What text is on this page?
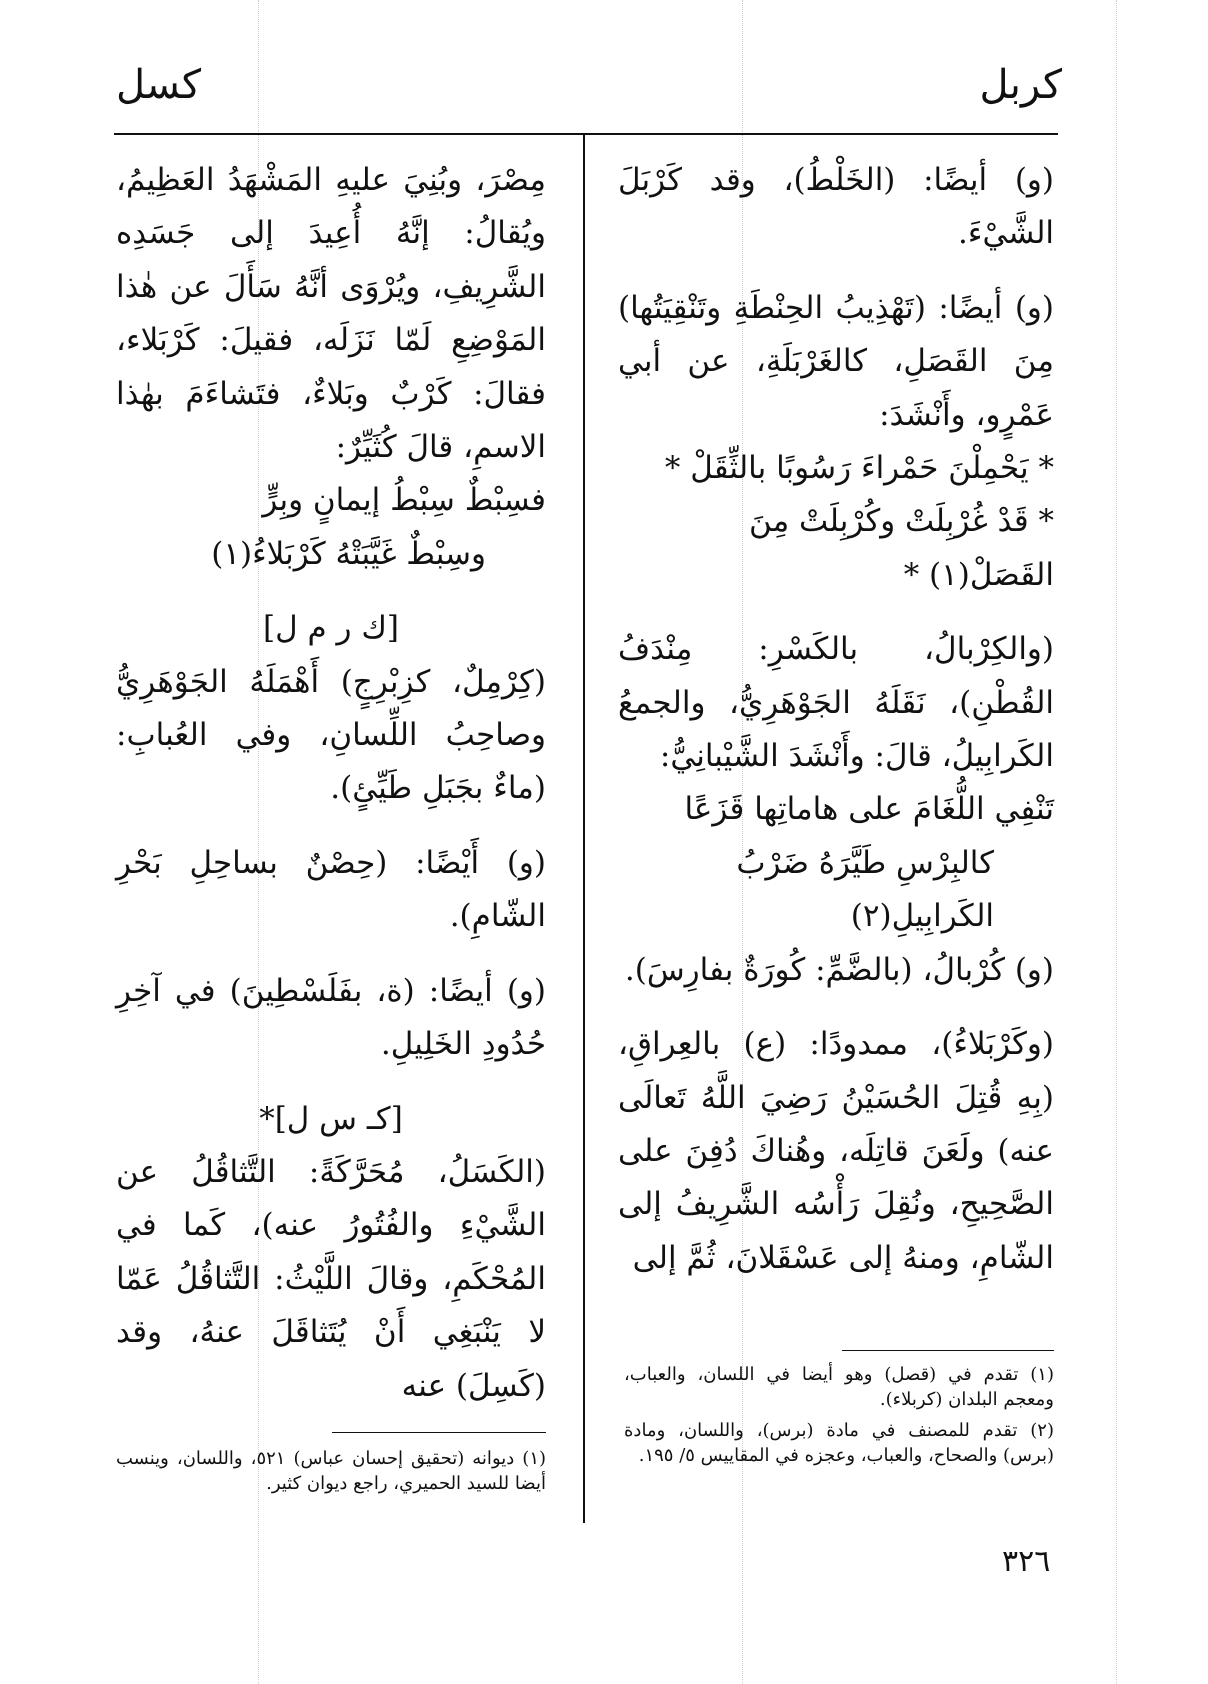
كربل
كسل

(و) أيضًا: (الخَلْطُ)، وقد كَرْبَلَ الشَّيْءَ.

(و) أيضًا: (تَهْذِيبُ الحِنْطَةِ وتَنْقِيَتُها) مِنَ القَصَلِ، كالغَرْبَلَةِ، عن أبي عَمْرٍو، وأَنْشَدَ:

* يَحْمِلْنَ حَمْراءَ رَسُوبًا بالثِّقَلْ *

* قَدْ غُرْبِلَتْ وكُرْبِلَتْ مِنَ القَصَلْ(١) *

(والكِرْبالُ، بالكَسْرِ: مِنْدَفُ القُطْنِ)، نَقَلَهُ الجَوْهَرِيُّ، والجمعُ الكَرابِيلُ، قالَ: وأَنْشَدَ الشَّيْبانِيُّ:

تَنْفِي اللُّغَامَ على هاماتِها قَزَعًا

كالبِرْسِ طَيَّرَهُ ضَرْبُ الكَرابِيلِ(٢)

(و) كُرْبالُ، (بالضَّمِّ: كُورَةٌ بفارِسَ).

(وكَرْبَلاءُ)، ممدودًا: (ع) بالعِراقِ، (بِهِ قُتِلَ الحُسَيْنُ رَضِيَ اللَّهُ تَعالَى عنه) ولَعَنَ قاتِلَه، وهُناكَ دُفِنَ على الصَّحِيحِ، ونُقِلَ رَأْسُه الشَّرِيفُ إلى الشّامِ، ومنهُ إلى عَسْقَلانَ، ثُمَّ إلى

(١) تقدم في (قصل) وهو أيضا في اللسان، والعباب، ومعجم البلدان (كربلاء).

(٢) تقدم للمصنف في مادة (برس)، واللسان، ومادة (برس) والصحاح، والعباب، وعجزه في المقاييس ٥/ ١٩٥.

مِصْرَ، وبُنِيَ عليهِ المَشْهَدُ العَظِيمُ، ويُقالُ: إنَّهُ أُعِيدَ إلى جَسَدِه الشَّرِيفِ، ويُرْوَى أنَّهُ سَأَلَ عن هٰذا المَوْضِعِ لَمّا نَزَلَه، فقيلَ: كَرْبَلاء، فقالَ: كَرْبٌ وبَلاءٌ، فتَشاءَمَ بهٰذا الاسمِ، قالَ كُثَيِّرٌ:

فسِبْطٌ سِبْطُ إيمانٍ وبِرٍّ

وسِبْطٌ غَيَّبَتْهُ كَرْبَلاءُ(١)

[ك ر م ل]

(كِرْمِلٌ، كزِبْرِجٍ) أَهْمَلَهُ الجَوْهَرِيُّ وصاحِبُ اللِّسانِ، وفي العُبابِ: (ماءٌ بجَبَلِ طَيِّئٍ).

(و) أَيْضًا: (حِصْنٌ بساحِلِ بَحْرِ الشّامِ).

(و) أيضًا: (ة، بفَلَسْطِينَ) في آخِرِ حُدُودِ الخَلِيلِ.

[كـ س ل]*

(الكَسَلُ، مُحَرَّكَةً: التَّثاقُلُ عن الشَّيْءِ والفُتُورُ عنه)، كَما في المُحْكَمِ، وقالَ اللَّيْثُ: التَّثاقُلُ عَمّا لا يَنْبَغِي أَنْ يُتَثاقَلَ عنهُ، وقد (كَسِلَ) عنه

(١) ديوانه (تحقيق إحسان عباس) ٥٢١، واللسان، وينسب أيضا للسيد الحميري، راجع ديوان كثير.

٣٢٦
